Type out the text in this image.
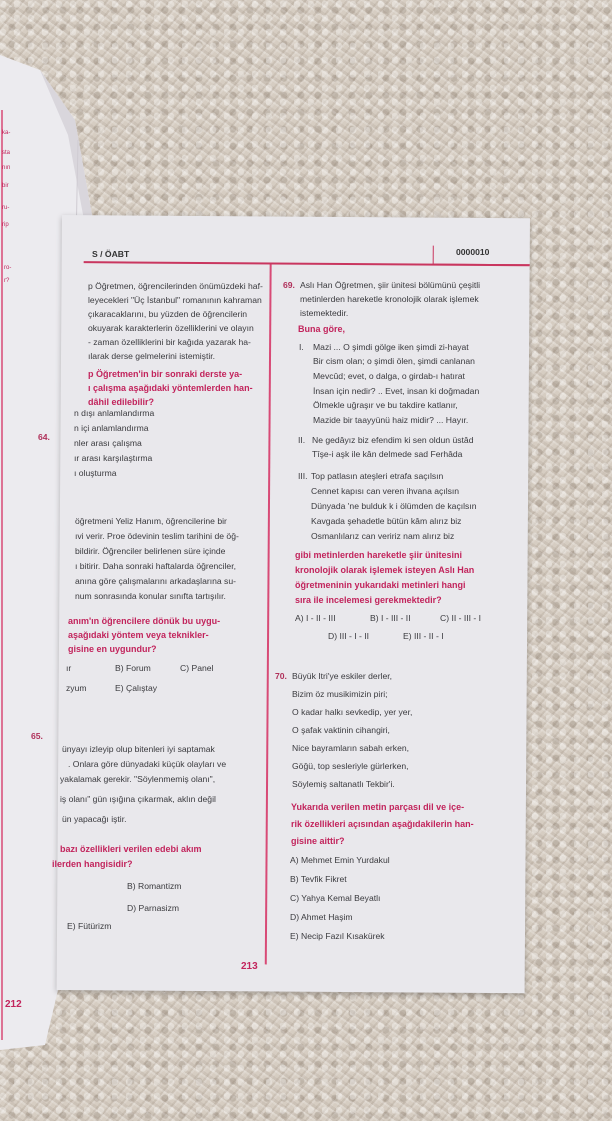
ka-
sta
nın
bir
ru-
rip
ro-
r?
212
S / ÖABT	0000010
p Öğretmen, öğrencilerinden önümüzdeki haf-
leyecekleri "Üç İstanbul" romanının kahraman
çıkaracaklarını, bu yüzden de öğrencilerin
okuyarak karakterlerin özelliklerini ve olayın
- zaman özelliklerini bir kağıda yazarak ha-
ılarak derse gelmelerini istemiştir.
p Öğretmen'in bir sonraki derste ya-
ı çalışma aşağıdaki yöntemlerden han-
dâhil edilebilir?
n dışı anlamlandırma
n içi anlamlandırma
nler arası çalışma
ır arası karşılaştırma
ı oluşturma
64.
öğretmeni Yeliz Hanım, öğrencilerine bir
ıvi verir. Proe ödevinin teslim tarihini de öğ-
bildirir. Öğrenciler belirlenen süre içinde
ı bitirir. Daha sonraki haftalarda öğrenciler,
anına göre çalışmalarını arkadaşlarına su-
num sonrasında konular sınıfta tartışılır.
anım'ın öğrencilere dönük bu uygu-
aşağıdaki yöntem veya teknikler-
gisine en uygundur?
ır	B) Forum	C) Panel
zyum	E) Çalıştay
65.
ünyayı izleyip olup bitenleri iyi saptamak
. Onlara göre dünyadaki küçük olayları ve
yakalamak gerekir. "Söylenmemiş olanı",
iş olanı" gün ışığına çıkarmak, aklın değil
ün yapacağı iştir.
bazı özellikleri verilen edebi akım
ilerden hangisidir?
B) Romantizm
D) Parnasizm
E) Fütürizm
213
69. Aslı Han Öğretmen, şiir ünitesi bölümünü çeşitli
metinlerden hareketle kronolojik olarak işlemek
istemektedir.
Buna göre,
I. Mazi ... O şimdi gölge iken şimdi zi-hayat
Bir cism olan; o şimdi ölen, şimdi canlanan
Mevcûd; evet, o dalga, o girdab-ı hatırat
İnsan için nedir? .. Evet, insan ki doğmadan
Ölmekle uğraşır ve bu takdire katlanır,
Mazide bir taayyünü haiz midir? ... Hayır.
II. Ne gedâyız biz efendim ki sen oldun üstâd
Tîşe-i aşk ile kân delmede sad Ferhâda
III. Top patlasın ateşleri etrafa saçılsın
Cennet kapısı can veren ihvana açılsın
Dünyada 'ne bulduk k i ölümden de kaçılsın
Kavgada şehadetle bütün kâm alırız biz
Osmanlılarız can veririz nam alırız biz
gibi metinlerden hareketle şiir ünitesini
kronolojik olarak işlemek isteyen Aslı Han
öğretmeninin yukarıdaki metinleri hangi
sıra ile incelemesi gerekmektedir?
A) I - II - III	B) I - III - II	C) II - III - I
D) III - I - II	E) III - II - I
70. Büyük Itri'ye eskiler derler,
Bizim öz musikimizin piri;
O kadar halkı sevkedip, yer yer,
O şafak vaktinin cihangiri,
Nice bayramların sabah erken,
Göğü, top sesleriyle gürlerken,
Söylemiş saltanatlı Tekbir'i.
Yukarıda verilen metin parçası dil ve içe-
rik özellikleri açısından aşağıdakilerin han-
gisine aittir?
A) Mehmet Emin Yurdakul
B) Tevfik Fikret
C) Yahya Kemal Beyatlı
D) Ahmet Haşim
E) Necip Fazıl Kısakürek
